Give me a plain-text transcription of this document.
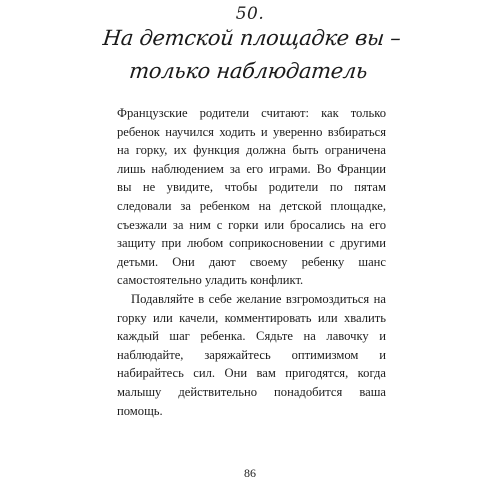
50.
На детской площадке вы –
только наблюдатель

Французские родители считают: как только ребенок научился ходить и уверенно взбираться на горку, их функция должна быть ограничена лишь наблюдением за его играми. Во Франции вы не увидите, чтобы родители по пятам следовали за ребенком на детской площадке, съезжали за ним с горки или бросались на его защиту при любом соприкосновении с другими детьми. Они дают своему ребенку шанс самостоятельно уладить конфликт.

Подавляйте в себе желание взгромоздиться на горку или качели, комментировать или хвалить каждый шаг ребенка. Сядьте на лавочку и наблюдайте, заряжайтесь оптимизмом и набирайтесь сил. Они вам пригодятся, когда малышу действительно понадобится ваша помощь.

86
